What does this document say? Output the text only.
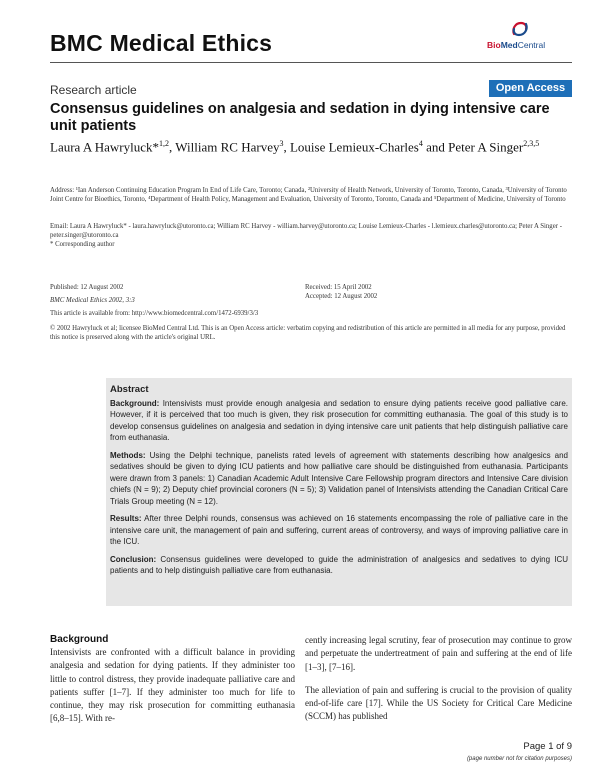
BMC Medical Ethics	BioMedCentral
Research article	Open Access
Consensus guidelines on analgesia and sedation in dying intensive care unit patients
Laura A Hawryluck*$^{1,2}$, William RC Harvey$^3$, Louise Lemieux-Charles$^4$ and Peter A Singer$^{2,3,5}$
Address: ¹Ian Anderson Continuing Education Program In End of Life Care, Toronto; Canada, ²University of Health Network, University of Toronto, Toronto, Canada, ³University of Toronto Joint Centre for Bioethics, Toronto, ⁴Department of Health Policy, Management and Evaluation, University of Toronto, Toronto, Canada and ⁵Department of Medicine, University of Toronto
Email: Laura A Hawryluck* - laura.hawryluck@utoronto.ca; William RC Harvey - william.harvey@utoronto.ca; Louise Lemieux-Charles - l.lemieux.charles@utoronto.ca; Peter A Singer - peter.singer@utoronto.ca
* Corresponding author
Published: 12 August 2002
BMC Medical Ethics 2002, 3:3
Received: 15 April 2002
Accepted: 12 August 2002
This article is available from: http://www.biomedcentral.com/1472-6939/3/3
© 2002 Hawryluck et al; licensee BioMed Central Ltd. This is an Open Access article: verbatim copying and redistribution of this article are permitted in all media for any purpose, provided this notice is preserved along with the article's original URL.
Abstract

Background: Intensivists must provide enough analgesia and sedation to ensure dying patients receive good palliative care. However, if it is perceived that too much is given, they risk prosecution for committing euthanasia. The goal of this study is to develop consensus guidelines on analgesia and sedation in dying intensive care unit patients that help distinguish palliative care from euthanasia.

Methods: Using the Delphi technique, panelists rated levels of agreement with statements describing how analgesics and sedatives should be given to dying ICU patients and how palliative care should be distinguished from euthanasia. Participants were drawn from 3 panels: 1) Canadian Academic Adult Intensive Care Fellowship program directors and Intensive Care division chiefs (N = 9); 2) Deputy chief provincial coroners (N = 5); 3) Validation panel of Intensivists attending the Canadian Critical Care Trials Group meeting (N = 12).

Results: After three Delphi rounds, consensus was achieved on 16 statements encompassing the role of palliative care in the intensive care unit, the management of pain and suffering, current areas of controversy, and ways of improving palliative care in the ICU.

Conclusion: Consensus guidelines were developed to guide the administration of analgesics and sedatives to dying ICU patients and to help distinguish palliative care from euthanasia.

Background
Intensivists are confronted with a difficult balance in providing analgesia and sedation for dying patients. If they administer too little to control distress, they provide inadequate palliative care and patients suffer [1–7]. If they administer too much for life to continue, they may risk prosecution for committing euthanasia [6,8–15]. With re-

cently increasing legal scrutiny, fear of prosecution may continue to grow and perpetuate the undertreatment of pain and suffering at the end of life [1–3], [7–16].

The alleviation of pain and suffering is crucial to the provision of quality end-of-life care [17]. While the US Society for Critical Care Medicine (SCCM) has published

Page 1 of 9
(page number not for citation purposes)
